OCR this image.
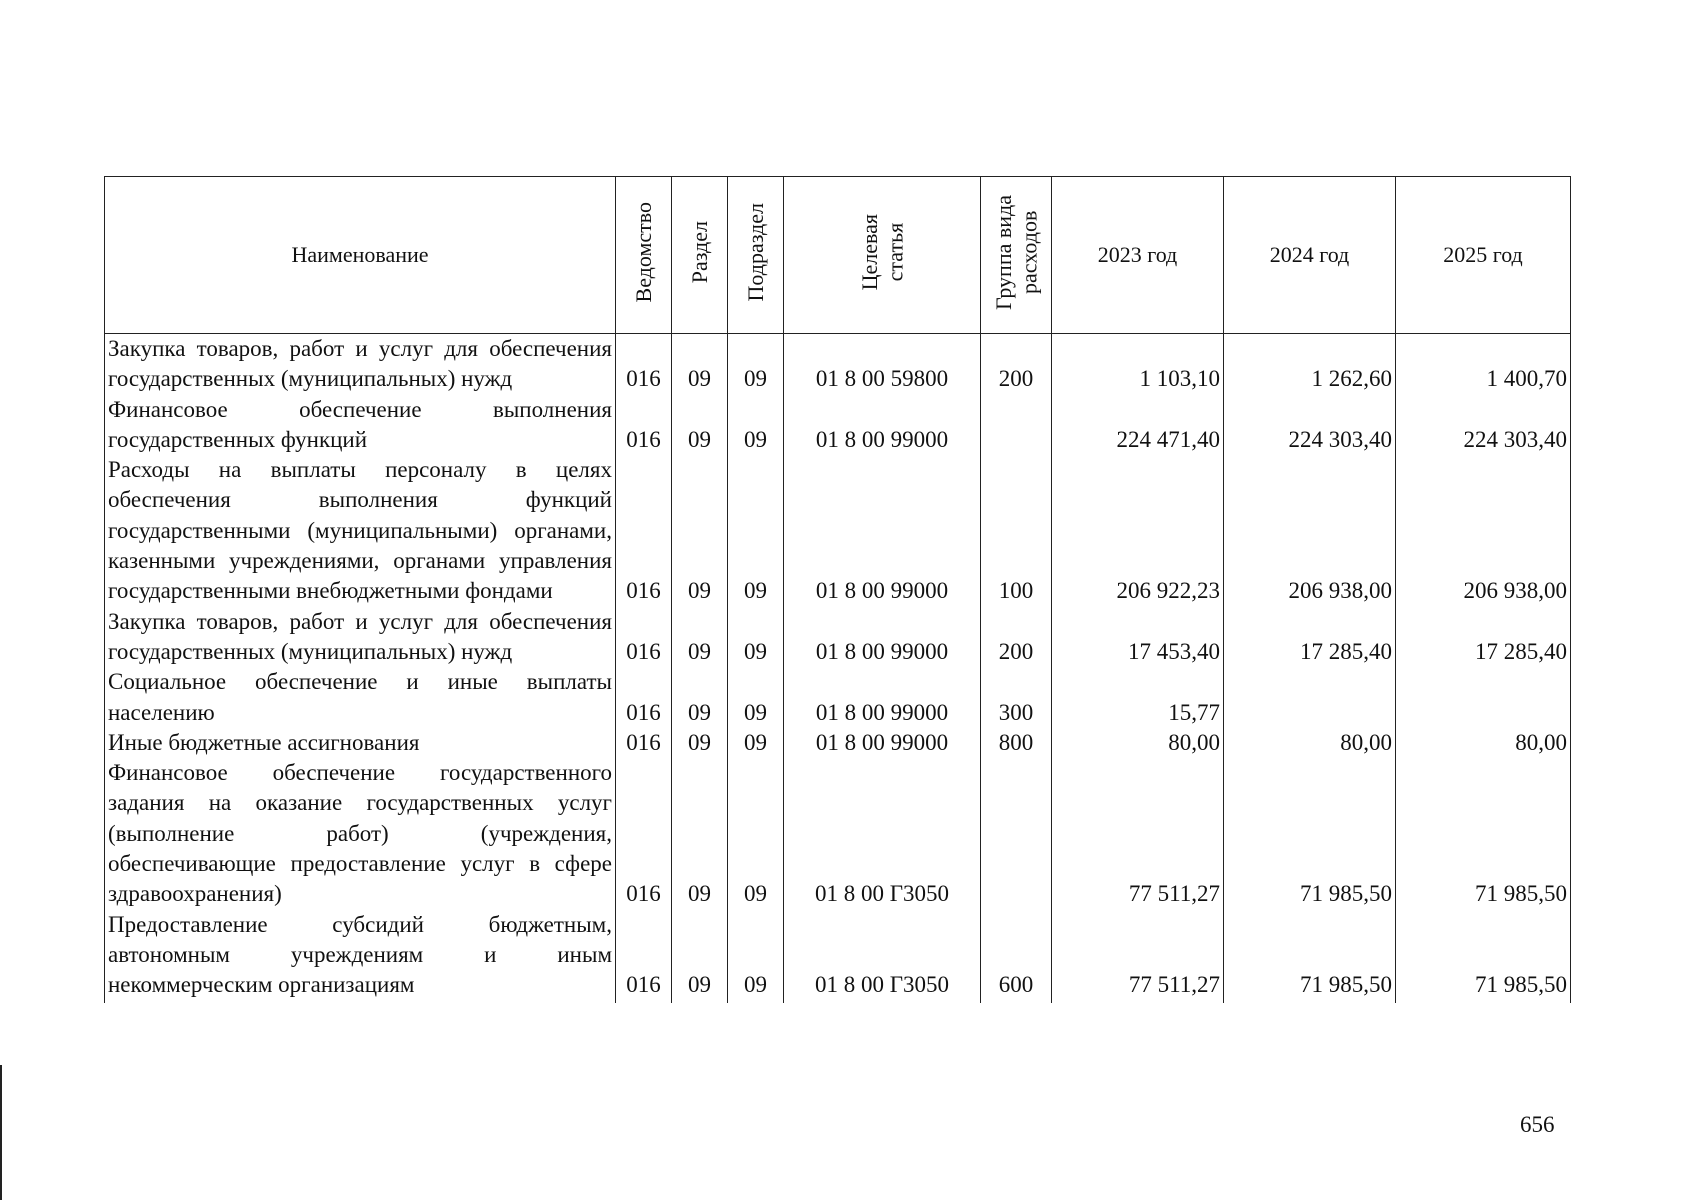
Наименование	Ведомство	Раздел	Подраздел	Целевая
статья	Группа вида
расходов	2023 год	2024 год	2025 год
Закупка товаров, работ и услуг для обеспечения государственных (муниципальных) нужд	016	09	09	01 8 00 59800	200	1 103,10	1 262,60	1 400,70
Финансовое обеспечение выполнения государственных функций	016	09	09	01 8 00 99000		224 471,40	224 303,40	224 303,40
Расходы на выплаты персоналу в целях обеспечения выполнения функций государственными (муниципальными) органами, казенными учреждениями, органами управления государственными внебюджетными фондами	016	09	09	01 8 00 99000	100	206 922,23	206 938,00	206 938,00
Закупка товаров, работ и услуг для обеспечения государственных (муниципальных) нужд	016	09	09	01 8 00 99000	200	17 453,40	17 285,40	17 285,40
Социальное обеспечение и иные выплаты населению	016	09	09	01 8 00 99000	300	15,77		
Иные бюджетные ассигнования	016	09	09	01 8 00 99000	800	80,00	80,00	80,00
Финансовое обеспечение государственного задания на оказание государственных услуг (выполнение работ) (учреждения, обеспечивающие предоставление услуг в сфере здравоохранения)	016	09	09	01 8 00 Г3050		77 511,27	71 985,50	71 985,50
Предоставление субсидий бюджетным, автономным учреждениям и иным некоммерческим организациям	016	09	09	01 8 00 Г3050	600	77 511,27	71 985,50	71 985,50
656
